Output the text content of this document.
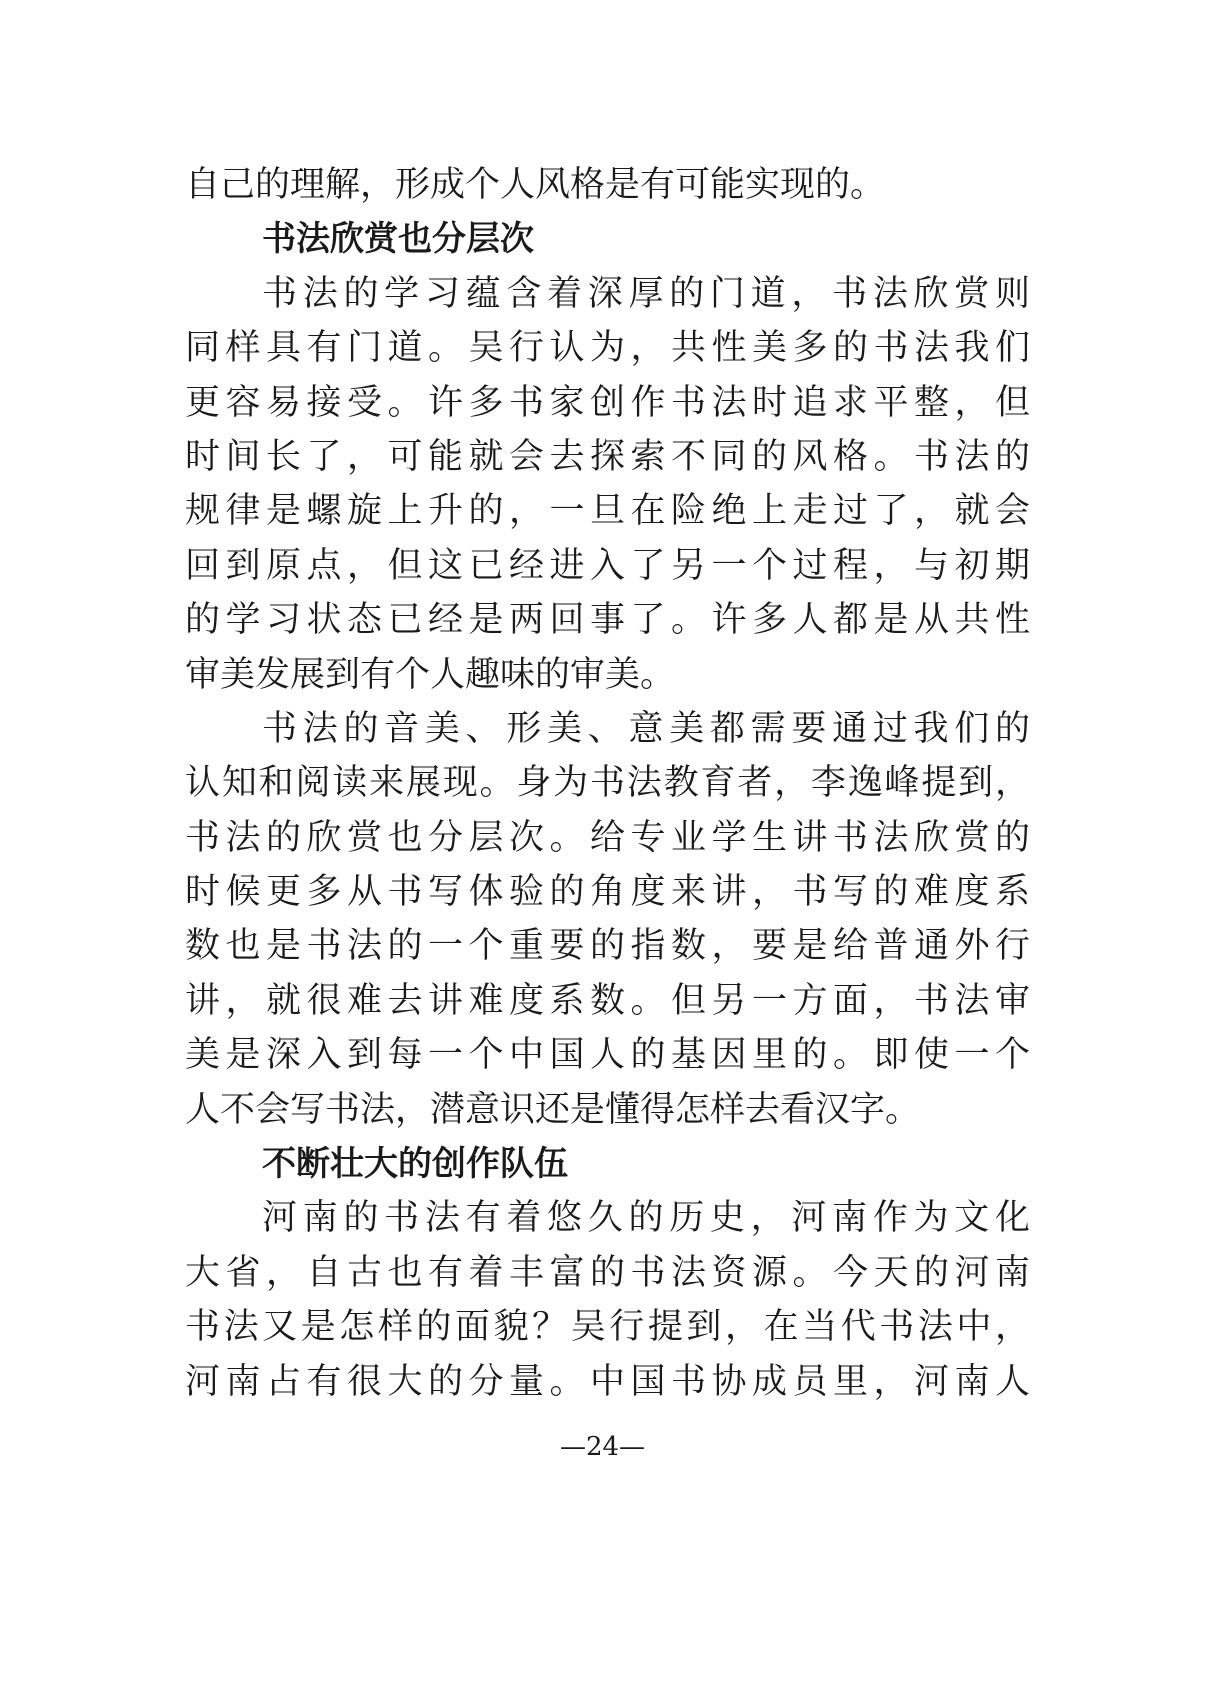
自己的理解，形成个人风格是有可能实现的。
书法欣赏也分层次
书法的学习蕴含着深厚的门道，书法欣赏则
同样具有门道。吴行认为，共性美多的书法我们
更容易接受。许多书家创作书法时追求平整，但
时间长了，可能就会去探索不同的风格。书法的
规律是螺旋上升的，一旦在险绝上走过了，就会
回到原点，但这已经进入了另一个过程，与初期
的学习状态已经是两回事了。许多人都是从共性
审美发展到有个人趣味的审美。
书法的音美、形美、意美都需要通过我们的
认知和阅读来展现。身为书法教育者，李逸峰提到，
书法的欣赏也分层次。给专业学生讲书法欣赏的
时候更多从书写体验的角度来讲，书写的难度系
数也是书法的一个重要的指数，要是给普通外行
讲，就很难去讲难度系数。但另一方面，书法审
美是深入到每一个中国人的基因里的。即使一个
人不会写书法，潜意识还是懂得怎样去看汉字。
不断壮大的创作队伍
河南的书法有着悠久的历史，河南作为文化
大省，自古也有着丰富的书法资源。今天的河南
书法又是怎样的面貌？吴行提到，在当代书法中，
河南占有很大的分量。中国书协成员里，河南人
—24—
